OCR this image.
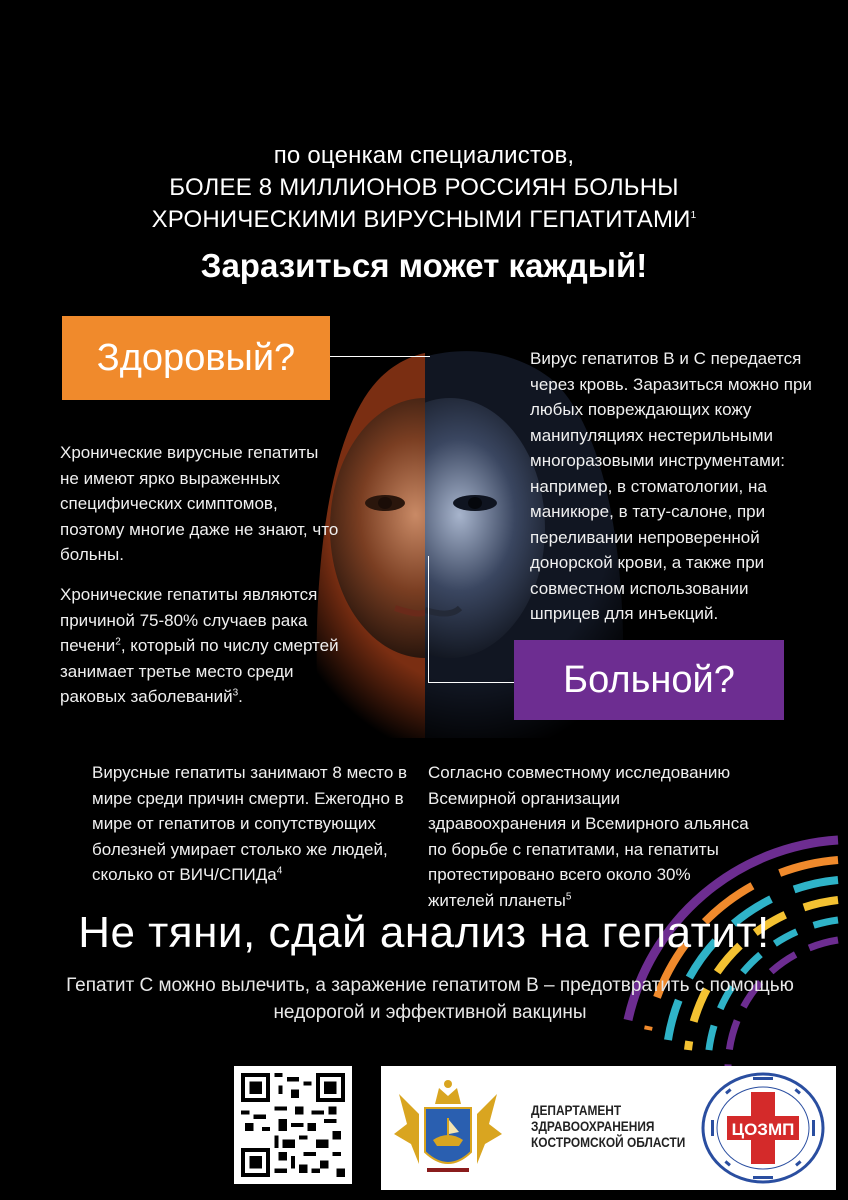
по оценкам специалистов,
БОЛЕЕ 8 МИЛЛИОНОВ РОССИЯН БОЛЬНЫ
ХРОНИЧЕСКИМИ ВИРУСНЫМИ ГЕПАТИТАМИ$^1$
Заразиться может каждый!
Здоровый?
Больной?
Хронические вирусные гепатиты не имеют ярко выраженных специфических симптомов, поэтому многие даже не знают, что больны.
Хронические гепатиты являются причиной 75-80% случаев рака печени$^2$, который по числу смертей занимает третье место среди раковых заболеваний$^3$.
Вирус гепатитов В и С передается через кровь. Заразиться можно при любых повреждающих кожу манипуляциях нестерильными многоразовыми инструментами: например, в стоматологии, на маникюре, в тату-салоне, при переливании непроверенной донорской крови, а также при совместном использовании шприцев для инъекций.
Вирусные гепатиты занимают 8 место в мире среди причин смерти. Ежегодно в мире от гепатитов и сопутствующих болезней умирает столько же людей, сколько от ВИЧ/СПИДа$^4$
Согласно совместному исследованию Всемирной организации здравоохранения и Всемирного альянса по борьбе с гепатитами, на гепатиты протестировано всего около 30% жителей планеты$^5$
Не тяни, сдай анализ на гепатит!
Гепатит С можно вылечить, а заражение гепатитом В – предотвратить с помощью недорогой и эффективной вакцины
ДЕПАРТАМЕНТ
ЗДРАВООХРАНЕНИЯ
КОСТРОМСКОЙ ОБЛАСТИ
ЦОЗМП
